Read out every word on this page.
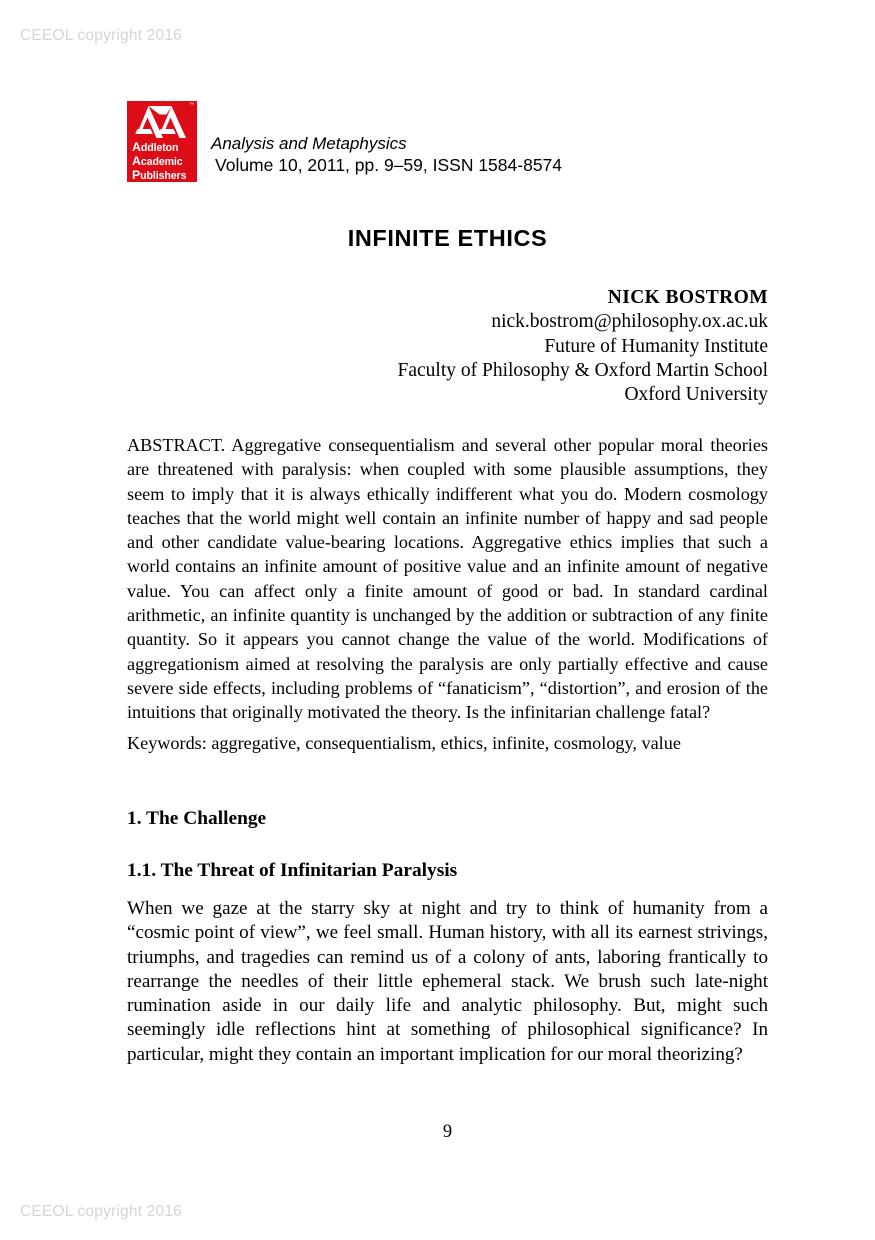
CEEOL copyright 2016
™
Addleton
Academic
Publishers
Analysis and Metaphysics
Volume 10, 2011, pp. 9–59, ISSN 1584-8574
INFINITE ETHICS
NICK BOSTROM
nick.bostrom@philosophy.ox.ac.uk
Future of Humanity Institute
Faculty of Philosophy & Oxford Martin School
Oxford University
ABSTRACT. Aggregative consequentialism and several other popular moral theories are threatened with paralysis: when coupled with some plausible assumptions, they seem to imply that it is always ethically indifferent what you do. Modern cosmology teaches that the world might well contain an infinite number of happy and sad people and other candidate value-bearing locations. Aggregative ethics implies that such a world contains an infinite amount of positive value and an infinite amount of negative value. You can affect only a finite amount of good or bad. In standard cardinal arithmetic, an infinite quantity is unchanged by the addition or subtraction of any finite quantity. So it appears you cannot change the value of the world. Modifications of aggregationism aimed at resolving the paralysis are only partially effective and cause severe side effects, including problems of “fanaticism”, “distortion”, and erosion of the intuitions that originally motivated the theory. Is the infinitarian challenge fatal?
Keywords: aggregative, consequentialism, ethics, infinite, cosmology, value
1. The Challenge
1.1. The Threat of Infinitarian Paralysis
When we gaze at the starry sky at night and try to think of humanity from a “cosmic point of view”, we feel small. Human history, with all its earnest strivings, triumphs, and tragedies can remind us of a colony of ants, laboring frantically to rearrange the needles of their little ephemeral stack. We brush such late-night rumination aside in our daily life and analytic philosophy. But, might such seemingly idle reflections hint at something of philosophical significance? In particular, might they contain an important implication for our moral theorizing?
9
CEEOL copyright 2016
